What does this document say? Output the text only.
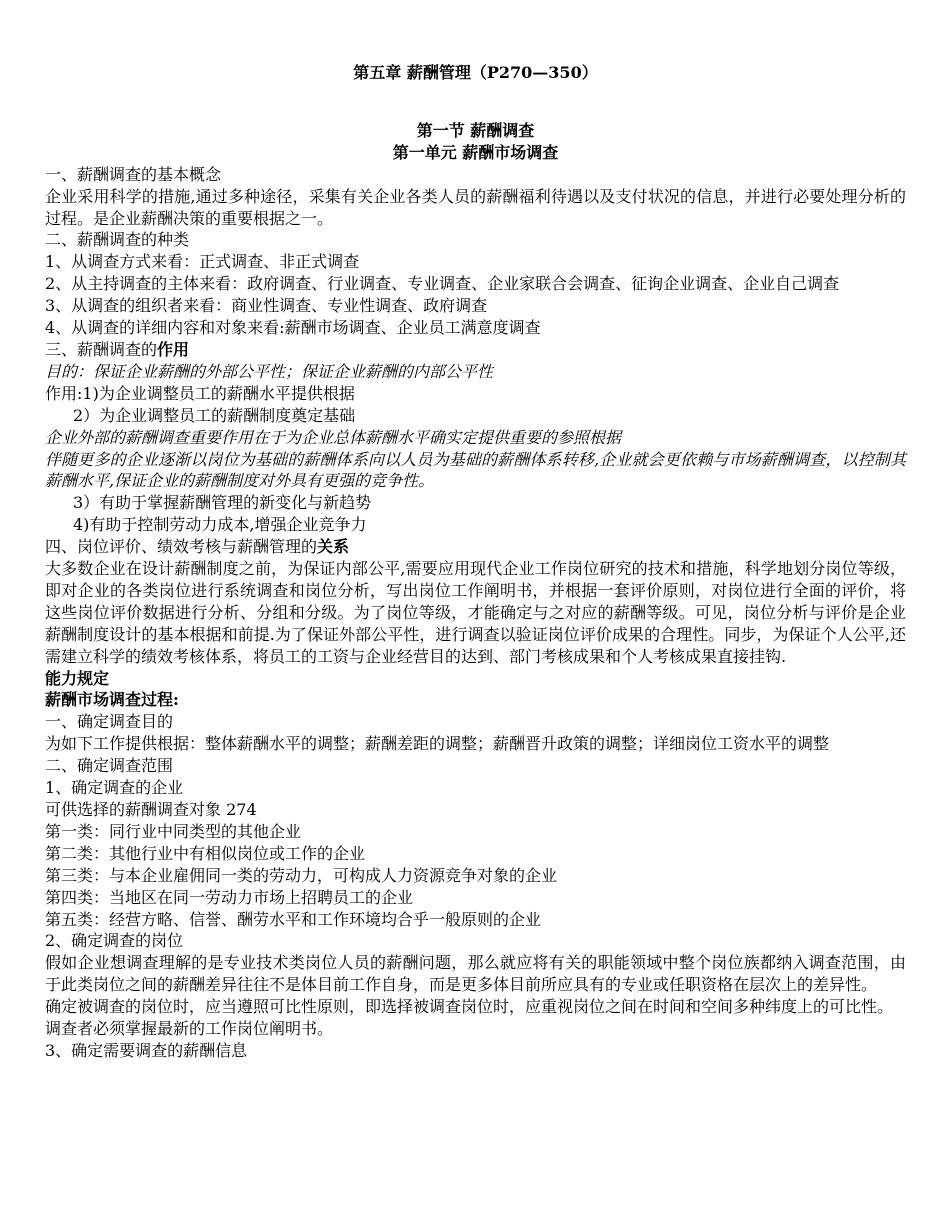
第五章 薪酬管理（P270—350）

第一节 薪酬调查

第一单元 薪酬市场调查

一、薪酬调查的基本概念

企业采用科学的措施,通过多种途径，采集有关企业各类人员的薪酬福利待遇以及支付状况的信息，并进行必要处理分析的过程。是企业薪酬决策的重要根据之一。

二、薪酬调查的种类

1、从调查方式来看：正式调查、非正式调查

2、从主持调查的主体来看：政府调查、行业调查、专业调查、企业家联合会调查、征询企业调查、企业自己调查

3、从调查的组织者来看：商业性调查、专业性调查、政府调查

4、从调查的详细内容和对象来看:薪酬市场调查、企业员工满意度调查

三、薪酬调查的作用

目的：保证企业薪酬的外部公平性；保证企业薪酬的内部公平性

作用:1)为企业调整员工的薪酬水平提供根据

2）为企业调整员工的薪酬制度奠定基础

企业外部的薪酬调查重要作用在于为企业总体薪酬水平确实定提供重要的参照根据

伴随更多的企业逐渐以岗位为基础的薪酬体系向以人员为基础的薪酬体系转移,企业就会更依赖与市场薪酬调查，以控制其薪酬水平,保证企业的薪酬制度对外具有更强的竞争性。

3）有助于掌握薪酬管理的新变化与新趋势

4)有助于控制劳动力成本,增强企业竞争力

四、岗位评价、绩效考核与薪酬管理的关系

大多数企业在设计薪酬制度之前，为保证内部公平,需要应用现代企业工作岗位研究的技术和措施，科学地划分岗位等级，即对企业的各类岗位进行系统调查和岗位分析，写出岗位工作阐明书，并根据一套评价原则，对岗位进行全面的评价，将这些岗位评价数据进行分析、分组和分级。为了岗位等级，才能确定与之对应的薪酬等级。可见，岗位分析与评价是企业薪酬制度设计的基本根据和前提.为了保证外部公平性，进行调查以验证岗位评价成果的合理性。同步，为保证个人公平,还需建立科学的绩效考核体系，将员工的工资与企业经营目的达到、部门考核成果和个人考核成果直接挂钩.

能力规定

薪酬市场调查过程:

一、确定调查目的

为如下工作提供根据：整体薪酬水平的调整；薪酬差距的调整；薪酬晋升政策的调整；详细岗位工资水平的调整

二、确定调查范围

1、确定调查的企业

可供选择的薪酬调查对象 274

第一类：同行业中同类型的其他企业

第二类：其他行业中有相似岗位或工作的企业

第三类：与本企业雇佣同一类的劳动力，可构成人力资源竞争对象的企业

第四类：当地区在同一劳动力市场上招聘员工的企业

第五类：经营方略、信誉、酬劳水平和工作环境均合乎一般原则的企业

2、确定调查的岗位

假如企业想调查理解的是专业技术类岗位人员的薪酬问题，那么就应将有关的职能领域中整个岗位族都纳入调查范围，由于此类岗位之间的薪酬差异往往不是体目前工作自身，而是更多体目前所应具有的专业或任职资格在层次上的差异性。

确定被调查的岗位时，应当遵照可比性原则，即选择被调查岗位时，应重视岗位之间在时间和空间多种纬度上的可比性。

调查者必须掌握最新的工作岗位阐明书。

3、确定需要调查的薪酬信息
